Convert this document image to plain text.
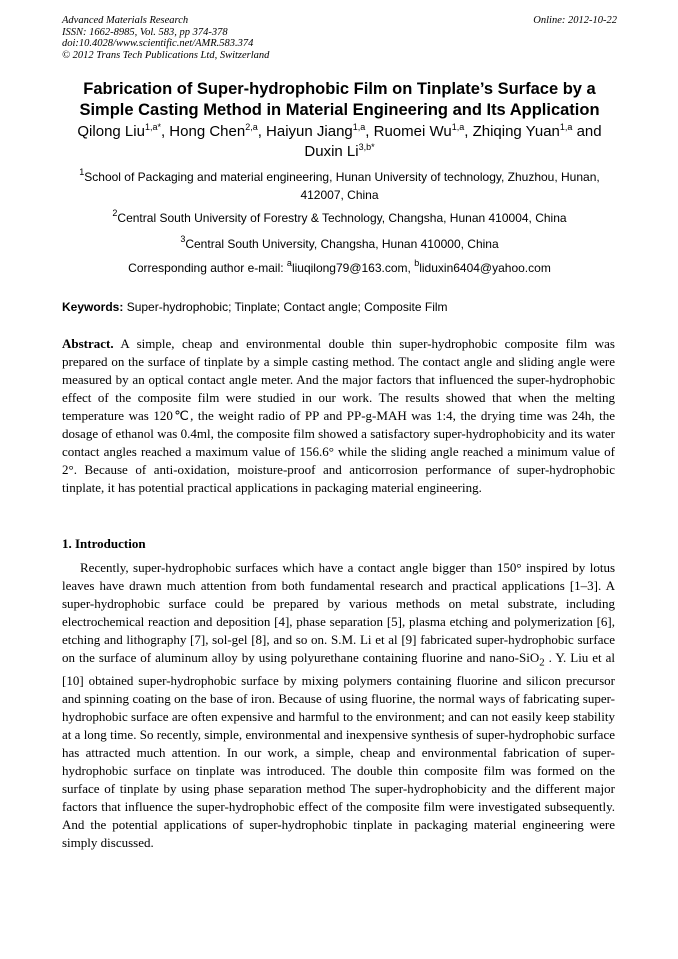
Advanced Materials Research
ISSN: 1662-8985, Vol. 583, pp 374-378
doi:10.4028/www.scientific.net/AMR.583.374
© 2012 Trans Tech Publications Ltd, Switzerland
Online: 2012-10-22
Fabrication of Super-hydrophobic Film on Tinplate’s Surface by a Simple Casting Method in Material Engineering and Its Application
Qilong Liu$^{1,a*}$, Hong Chen$^{2,a}$, Haiyun Jiang$^{1,a}$, Ruomei Wu$^{1,a}$, Zhiqing Yuan$^{1,a}$ and Duxin $Li^{3,b*}$
$^1$School of Packaging and material engineering, Hunan University of technology, Zhuzhou, Hunan, 412007, China
$^2$Central South University of Forestry & Technology, Changsha, Hunan 410004, China
$^3$Central South University, Changsha, Hunan 410000, China
Corresponding author e-mail: $^a$liuqilong79@163.com, $^b$liduxin6404@yahoo.com
Keywords: Super-hydrophobic; Tinplate; Contact angle; Composite Film

Abstract. A simple, cheap and environmental double thin super-hydrophobic composite film was prepared on the surface of tinplate by a simple casting method. The contact angle and sliding angle were measured by an optical contact angle meter. And the major factors that influenced the super-hydrophobic effect of the composite film were studied in our work. The results showed that when the melting temperature was 120℃, the weight radio of PP and PP-g-MAH was 1:4, the drying time was 24h, the dosage of ethanol was 0.4ml, the composite film showed a satisfactory super-hydrophobicity and its water contact angles reached a maximum value of 156.6° while the sliding angle reached a minimum value of 2°. Because of anti-oxidation, moisture-proof and anticorrosion performance of super-hydrophobic tinplate, it has potential practical applications in packaging material engineering.

1. Introduction

Recently, super-hydrophobic surfaces which have a contact angle bigger than 150° inspired by lotus leaves have drawn much attention from both fundamental research and practical applications [1–3]. A super-hydrophobic surface could be prepared by various methods on metal substrate, including electrochemical reaction and deposition [4], phase separation [5], plasma etching and polymerization [6], etching and lithography [7], sol-gel [8], and so on. S.M. Li et al [9] fabricated super-hydrophobic surface on the surface of aluminum alloy by using polyurethane containing fluorine and nano-SiO$_2$ . Y. Liu et al [10] obtained super-hydrophobic surface by mixing polymers containing fluorine and silicon precursor and spinning coating on the base of iron. Because of using fluorine, the normal ways of fabricating super-hydrophobic surface are often expensive and harmful to the environment; and can not easily keep stability at a long time. So recently, simple, environmental and inexpensive synthesis of super-hydrophobic surface has attracted much attention. In our work, a simple, cheap and environmental fabrication of super-hydrophobic surface on tinplate was introduced. The double thin composite film was formed on the surface of tinplate by using phase separation method The super-hydrophobicity and the different major factors that influence the super-hydrophobic effect of the composite film were investigated subsequently. And the potential applications of super-hydrophobic tinplate in packaging material engineering were simply discussed.
